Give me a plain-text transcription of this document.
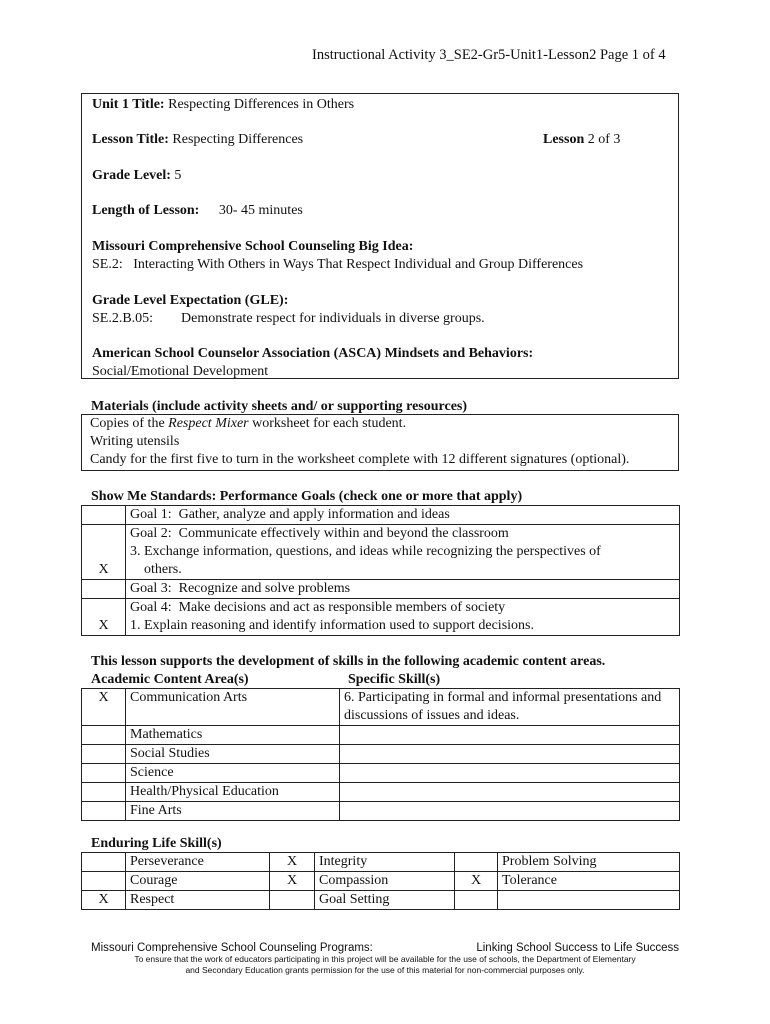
Instructional Activity 3_SE2-Gr5-Unit1-Lesson2 Page 1 of 4
Unit 1 Title: Respecting Differences in Others
Lesson Title: Respecting Differences	Lesson 2 of 3
Grade Level: 5
Length of Lesson: 30- 45 minutes
Missouri Comprehensive School Counseling Big Idea:
SE.2:   Interacting With Others in Ways That Respect Individual and Group Differences
Grade Level Expectation (GLE):
SE.2.B.05: Demonstrate respect for individuals in diverse groups.
American School Counselor Association (ASCA) Mindsets and Behaviors:
Social/Emotional Development
Materials (include activity sheets and/ or supporting resources)
Copies of the Respect Mixer worksheet for each student.
Writing utensils
Candy for the first five to turn in the worksheet complete with 12 different signatures (optional).
Show Me Standards: Performance Goals (check one or more that apply)

	Goal 1:  Gather, analyze and apply information and ideas

X	Goal 2:  Communicate effectively within and beyond the classroom
3. Exchange information, questions, and ideas while recognizing the perspectives of
others.

	Goal 3:  Recognize and solve problems

X	Goal 4:  Make decisions and act as responsible members of society
1. Explain reasoning and identify information used to support decisions.
This lesson supports the development of skills in the following academic content areas.
Academic Content Area(s)	Specific Skill(s)
X	Communication Arts	6. Participating in formal and informal presentations and discussions of issues and ideas.
	Mathematics	
	Social Studies	
	Science	
	Health/Physical Education	
	Fine Arts	
Enduring Life Skill(s)
	Perseverance	X	Integrity		Problem Solving
	Courage	X	Compassion	X	Tolerance
X	Respect		Goal Setting		
Missouri Comprehensive School Counseling Programs:	Linking School Success to Life Success
To ensure that the work of educators participating in this project will be available for the use of schools, the Department of Elementary
and Secondary Education grants permission for the use of this material for non-commercial purposes only.
